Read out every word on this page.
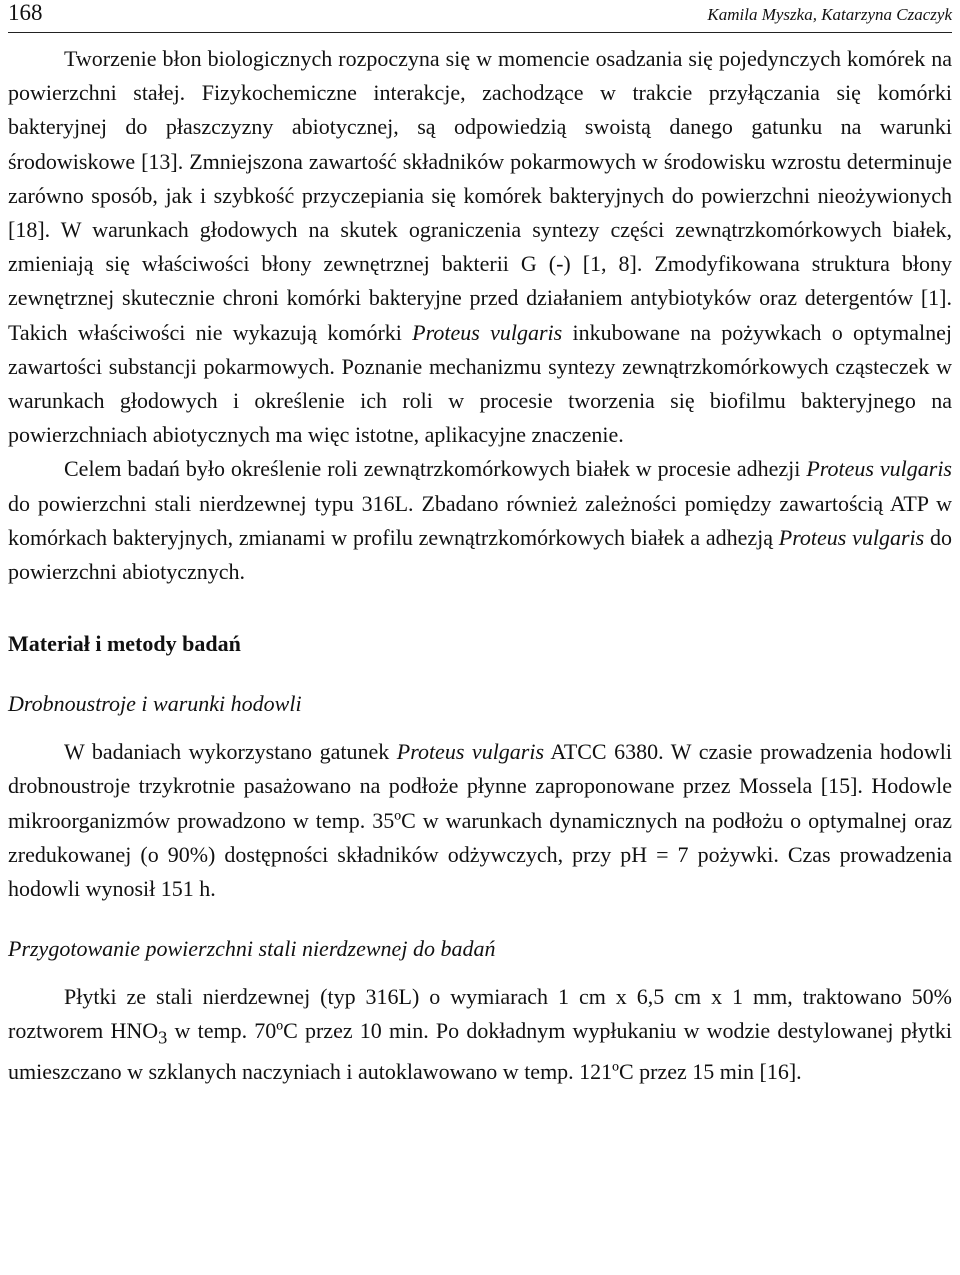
168	Kamila Myszka, Katarzyna Czaczyk

Tworzenie błon biologicznych rozpoczyna się w momencie osadzania się pojedynczych komórek na powierzchni stałej. Fizykochemiczne interakcje, zachodzące w trakcie przyłączania się komórki bakteryjnej do płaszczyzny abiotycznej, są odpowiedzią swoistą danego gatunku na warunki środowiskowe [13]. Zmniejszona zawartość składników pokarmowych w środowisku wzrostu determinuje zarówno sposób, jak i szybkość przyczepiania się komórek bakteryjnych do powierzchni nieożywionych [18]. W warunkach głodowych na skutek ograniczenia syntezy części zewnątrzkomórkowych białek, zmieniają się właściwości błony zewnętrznej bakterii G (-) [1, 8]. Zmodyfikowana struktura błony zewnętrznej skutecznie chroni komórki bakteryjne przed działaniem antybiotyków oraz detergentów [1]. Takich właściwości nie wykazują komórki Proteus vulgaris inkubowane na pożywkach o optymalnej zawartości substancji pokarmowych. Poznanie mechanizmu syntezy zewnątrzkomórkowych cząsteczek w warunkach głodowych i określenie ich roli w procesie tworzenia się biofilmu bakteryjnego na powierzchniach abiotycznych ma więc istotne, aplikacyjne znaczenie.

Celem badań było określenie roli zewnątrzkomórkowych białek w procesie adhezji Proteus vulgaris do powierzchni stali nierdzewnej typu 316L. Zbadano również zależności pomiędzy zawartością ATP w komórkach bakteryjnych, zmianami w profilu zewnątrzkomórkowych białek a adhezją Proteus vulgaris do powierzchni abiotycznych.

Materiał i metody badań
Drobnoustroje i warunki hodowli

W badaniach wykorzystano gatunek Proteus vulgaris ATCC 6380. W czasie prowadzenia hodowli drobnoustroje trzykrotnie pasażowano na podłoże płynne zaproponowane przez Mossela [15]. Hodowle mikroorganizmów prowadzono w temp. 35ºC w warunkach dynamicznych na podłożu o optymalnej oraz zredukowanej (o 90%) dostępności składników odżywczych, przy pH = 7 pożywki. Czas prowadzenia hodowli wynosił 151 h.

Przygotowanie powierzchni stali nierdzewnej do badań

Płytki ze stali nierdzewnej (typ 316L) o wymiarach 1 cm x 6,5 cm x 1 mm, traktowano 50% roztworem $HNO_3$ w temp. 70ºC przez 10 min. Po dokładnym wypłukaniu w wodzie destylowanej płytki umieszczano w szklanych naczyniach i autoklawowano w temp. 121ºC przez 15 min [16].
